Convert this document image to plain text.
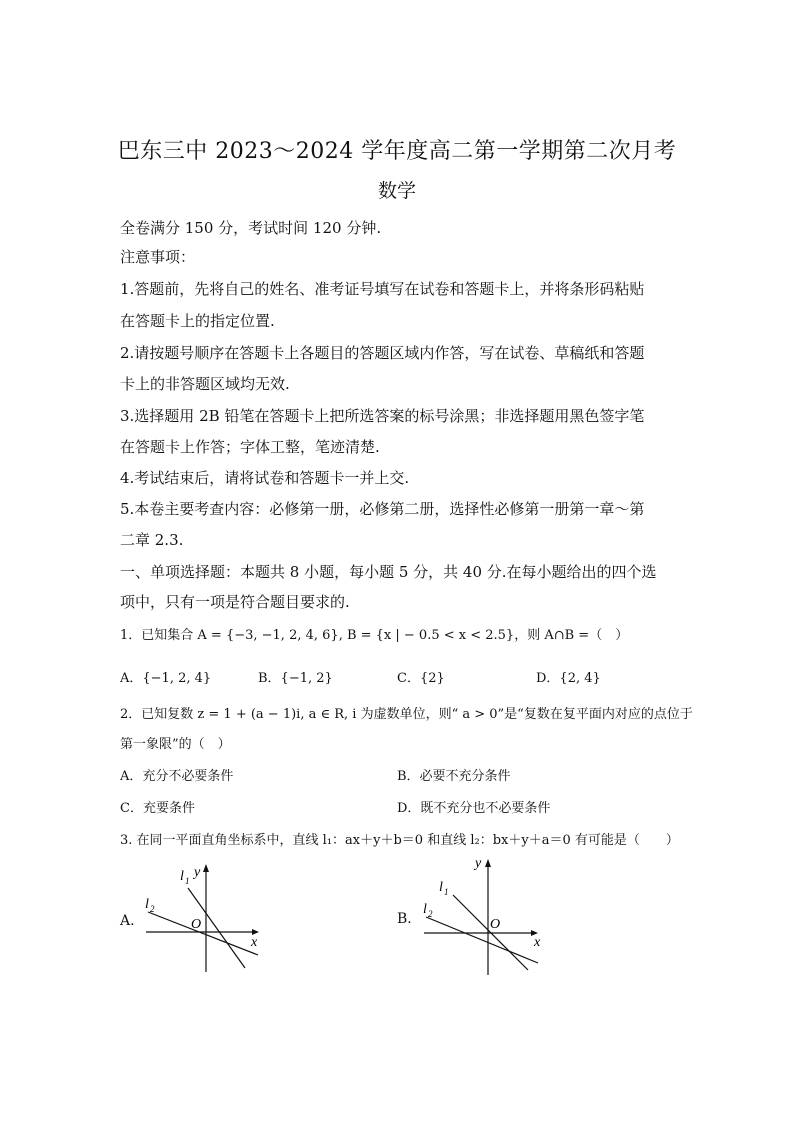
巴东三中 2023～2024 学年度高二第一学期第二次月考
数学
全卷满分 150 分，考试时间 120 分钟.
注意事项：
1.答题前，先将自己的姓名、准考证号填写在试卷和答题卡上，并将条形码粘贴
在答题卡上的指定位置.
2.请按题号顺序在答题卡上各题目的答题区域内作答，写在试卷、草稿纸和答题
卡上的非答题区域均无效.
3.选择题用 2B 铅笔在答题卡上把所选答案的标号涂黑；非选择题用黑色签字笔
在答题卡上作答；字体工整，笔迹清楚.
4.考试结束后，请将试卷和答题卡一并上交.
5.本卷主要考查内容：必修第一册，必修第二册，选择性必修第一册第一章～第
二章 2.3.
一、单项选择题：本题共 8 小题，每小题 5 分，共 40 分.在每小题给出的四个选
项中，只有一项是符合题目要求的.
1．已知集合 A = {−3, −1, 2, 4, 6}, B = {x | − 0.5 < x < 2.5}，则 A∩B =（　）
A．{−1, 2, 4}	B．{−1, 2}	C．{2}	D．{2, 4}
2．已知复数 z = 1 + (a − 1)i, a ∈ R, i 为虚数单位，则“ a > 0”是“复数在复平面内对应的点位于
第一象限”的（　）
A．充分不必要条件	B．必要不充分条件
C．充要条件	D．既不充分也不必要条件
3. 在同一平面直角坐标系中，直线 l₁：ax＋y＋b＝0 和直线 l₂：bx＋y＋a＝0 有可能是（　　）
A.
y
x
O
l 1
l 2
B.
y
x
O
l 1
l 2
